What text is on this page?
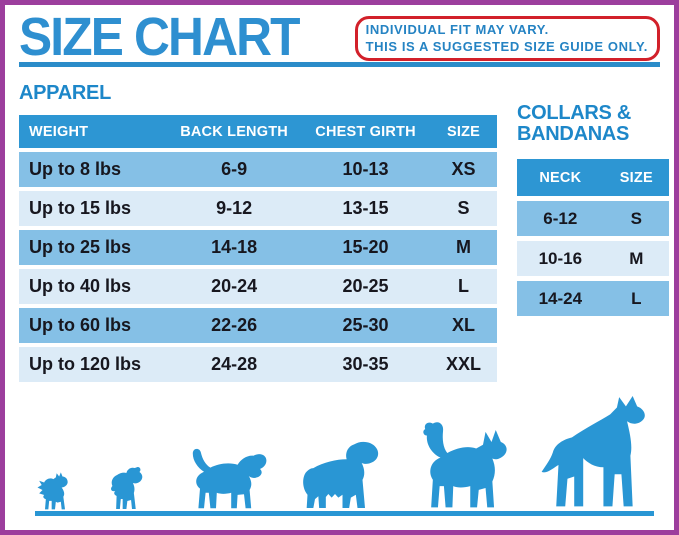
SIZE CHART	INDIVIDUAL FIT MAY VARY.
THIS IS A SUGGESTED SIZE GUIDE ONLY.
APPAREL
WEIGHT	BACK LENGTH	CHEST GIRTH	SIZE
Up to 8 lbs	6-9	10-13	XS
Up to 15 lbs	9-12	13-15	S
Up to 25 lbs	14-18	15-20	M
Up to 40 lbs	20-24	20-25	L
Up to 60 lbs	22-26	25-30	XL
Up to 120 lbs	24-28	30-35	XXL
COLLARS &
BANDANAS
NECK	SIZE
6-12	S
10-16	M
14-24	L
